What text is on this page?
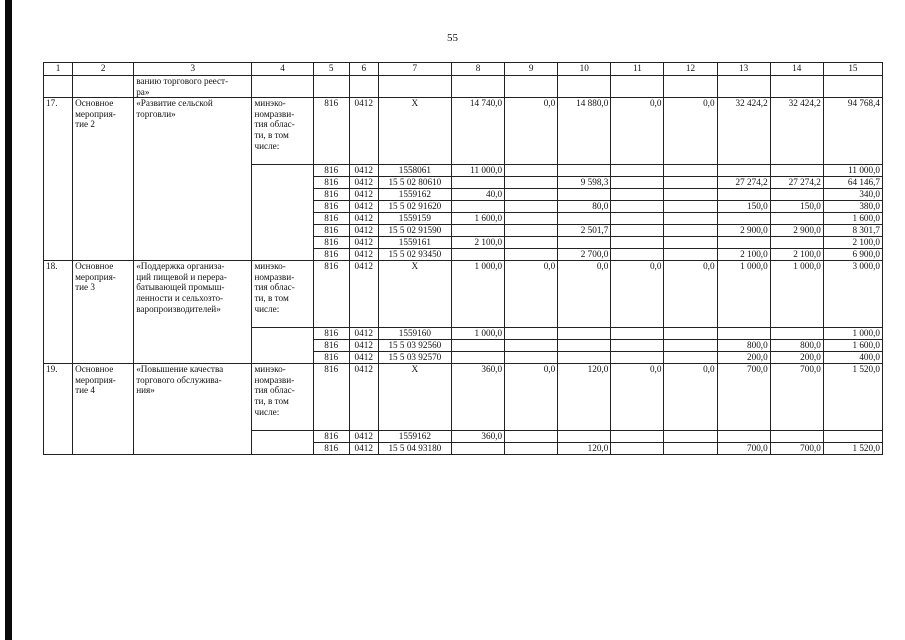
55
1	2	3	4	5	6	7	8	9	10	11	12	13	14	15
		ванию торгового реест-
ра»												
17.	Основное
мероприя-
тие 2	«Развитие сельской
торговли»	минэко-
номразви-
тия облас-
ти, в том
числе:	816	0412	Х	14 740,0	0,0	14 880,0	0,0	0,0	32 424,2	32 424,2	94 768,4
				816	0412	1558061	11 000,0							11 000,0
				816	0412	15 5 02 80610			9 598,3			27 274,2	27 274,2	64 146,7
				816	0412	1559162	40,0							340,0
				816	0412	15 5 02 91620			80,0			150,0	150,0	380,0
				816	0412	1559159	1 600,0							1 600,0
				816	0412	15 5 02 91590			2 501,7			2 900,0	2 900,0	8 301,7
				816	0412	1559161	2 100,0							2 100,0
				816	0412	15 5 02 93450			2 700,0			2 100,0	2 100,0	6 900,0
18.	Основное
мероприя-
тие 3	«Поддержка организа-
ций пищевой и перера-
батывающей промыш-
ленности и сельхозто-
варопроизводителей»	минэко-
номразви-
тия облас-
ти, в том
числе:	816	0412	Х	1 000,0	0,0	0,0	0,0	0,0	1 000,0	1 000,0	3 000,0
				816	0412	1559160	1 000,0							1 000,0
				816	0412	15 5 03 92560						800,0	800,0	1 600,0
				816	0412	15 5 03 92570						200,0	200,0	400,0
19.	Основное
мероприя-
тие 4	«Повышение качества
торгового обслужива-
ния»	минэко-
номразви-
тия облас-
ти, в том
числе:	816	0412	Х	360,0	0,0	120,0	0,0	0,0	700,0	700,0	1 520,0
				816	0412	1559162	360,0							
				816	0412	15 5 04 93180			120,0			700,0	700,0	1 520,0
